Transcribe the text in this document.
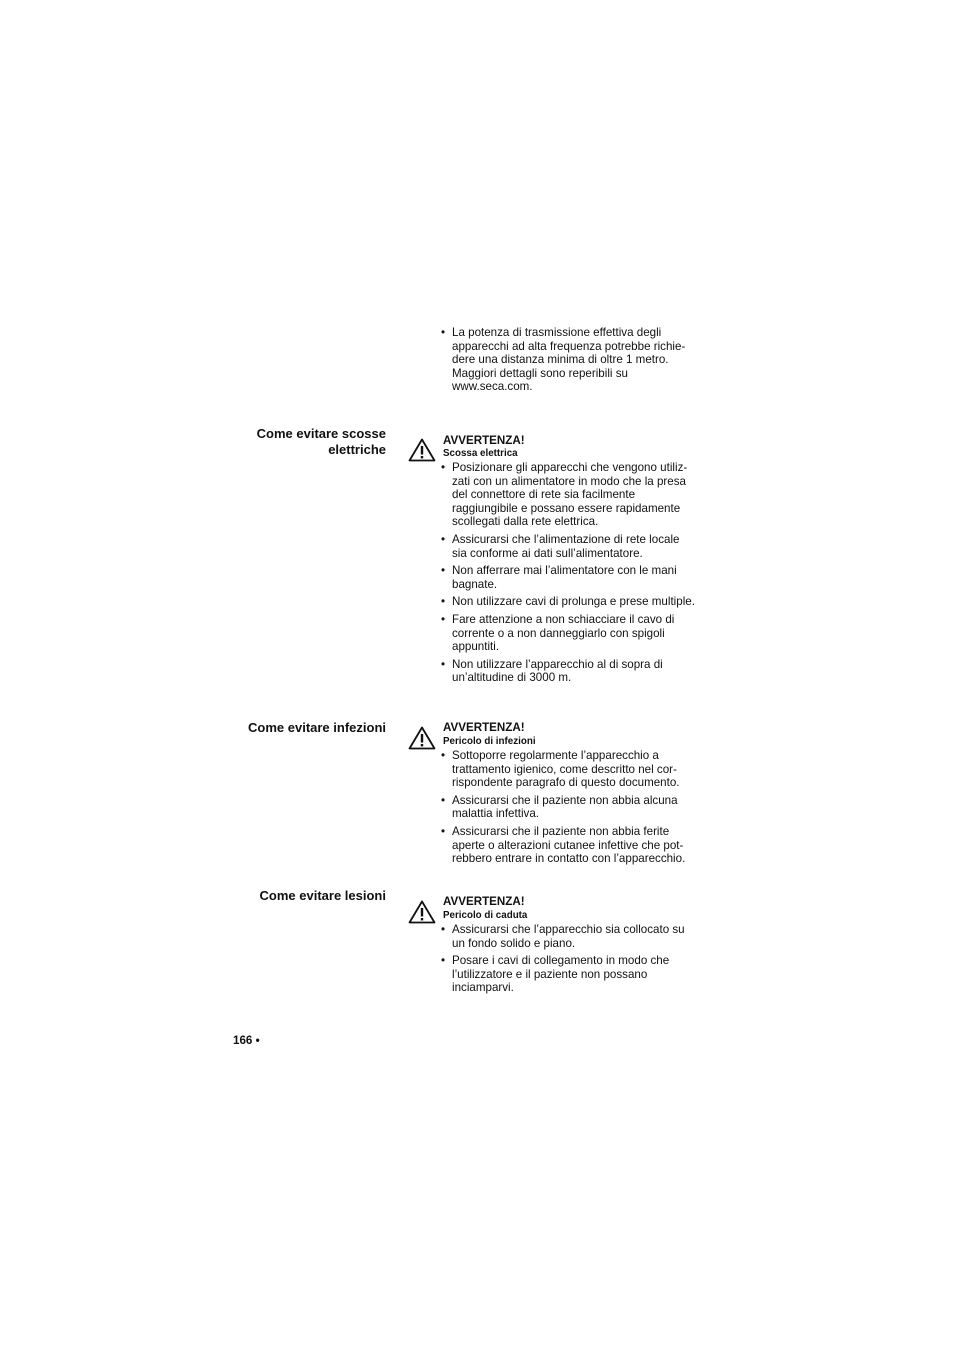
• La potenza di trasmissione effettiva degli apparecchi ad alta frequenza potrebbe richie- dere una distanza minima di oltre 1 metro. Maggiori dettagli sono reperibili su www.seca.com.
Come evitare scosse elettriche
AVVERTENZA!
Scossa elettrica
• Posizionare gli apparecchi che vengono utiliz- zati con un alimentatore in modo che la presa del connettore di rete sia facilmente raggiungibile e possano essere rapidamente scollegati dalla rete elettrica.
• Assicurarsi che l’alimentazione di rete locale sia conforme ai dati sull’alimentatore.
• Non afferrare mai l’alimentatore con le mani bagnate.
• Non utilizzare cavi di prolunga e prese multiple.
• Fare attenzione a non schiacciare il cavo di corrente o a non danneggiarlo con spigoli appuntiti.
• Non utilizzare l’apparecchio al di sopra di un’altitudine di 3000 m.
Come evitare infezioni	AVVERTENZA!
Pericolo di infezioni
• Sottoporre regolarmente l’apparecchio a trattamento igienico, come descritto nel cor- rispondente paragrafo di questo documento.
• Assicurarsi che il paziente non abbia alcuna malattia infettiva.
• Assicurarsi che il paziente non abbia ferite aperte o alterazioni cutanee infettive che pot- rebbero entrare in contatto con l’apparecchio.
Come evitare lesioni	AVVERTENZA!
Pericolo di caduta
• Assicurarsi che l’apparecchio sia collocato su un fondo solido e piano.
• Posare i cavi di collegamento in modo che l’utilizzatore e il paziente non possano inciamparvi.
166 •
